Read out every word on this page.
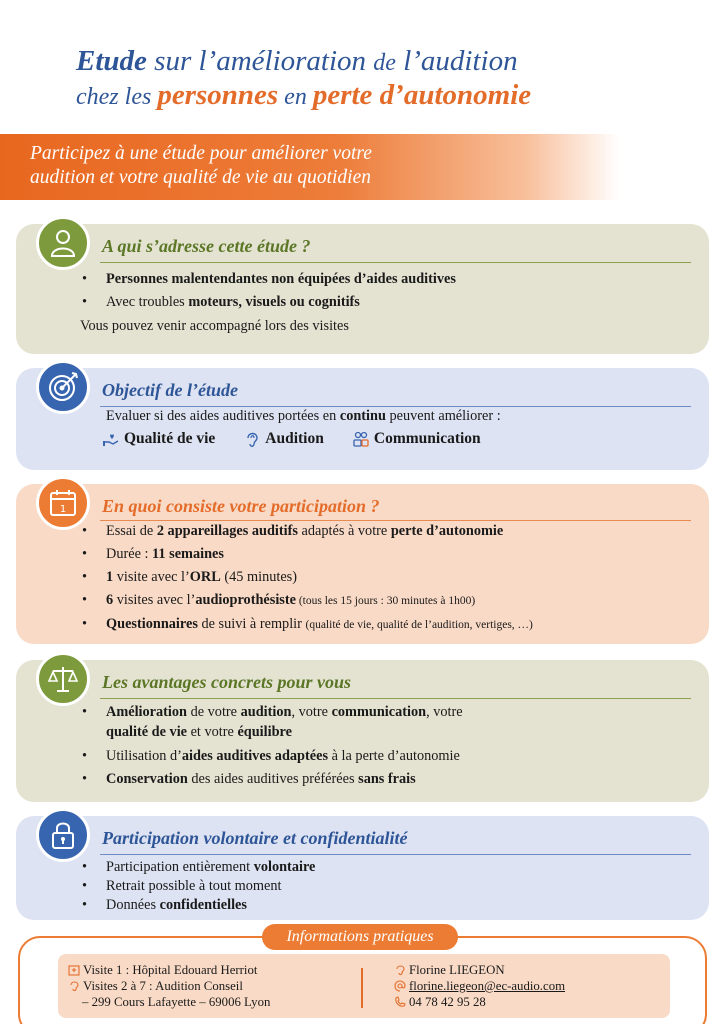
Etude sur l’amélioration de l’audition
chez les personnes en perte d’autonomie
Participez à une étude pour améliorer votre
audition et votre qualité de vie au quotidien
A qui s’adresse cette étude ?
• Personnes malentendantes non équipées d’aides auditives
• Avec troubles moteurs, visuels ou cognitifs
Vous pouvez venir accompagné lors des visites
Objectif de l’étude
Evaluer si des aides auditives portées en continu peuvent améliorer :
Qualité de vie	Audition	Communication
1 En quoi consiste votre participation ?
• Essai de 2 appareillages auditifs adaptés à votre perte d’autonomie
• Durée : 11 semaines
• 1 visite avec l’ORL (45 minutes)
• 6 visites avec l’audioprothésiste (tous les 15 jours : 30 minutes à 1h00)
• Questionnaires de suivi à remplir (qualité de vie, qualité de l’audition, vertiges, …)
Les avantages concrets pour vous
• Amélioration de votre audition, votre communication, votre
qualité de vie et votre équilibre
• Utilisation d’aides auditives adaptées à la perte d’autonomie
• Conservation des aides auditives préférées sans frais
Participation volontaire et confidentialité
• Participation entièrement volontaire
• Retrait possible à tout moment
• Données confidentielles
Informations pratiques
Visite 1 : Hôpital Edouard Herriot
Visites 2 à 7 : Audition Conseil
– 299 Cours Lafayette – 69006 Lyon
Florine LIEGEON
florine.liegeon@ec-audio.com
04 78 42 95 28
